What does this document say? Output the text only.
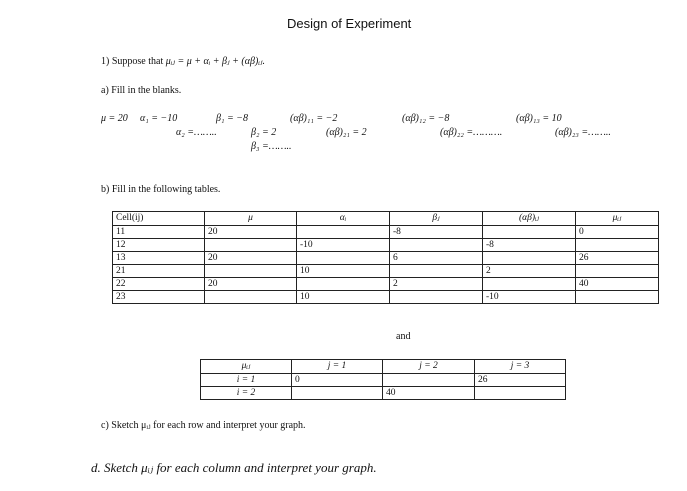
Design of Experiment
1) Suppose that μᵢⱼ = μ + αᵢ + βⱼ + (αβ)ᵢⱼ.
a) Fill in the blanks.
μ = 20 α₁ = −10
α₂ =……..
β₁ = −8
β₂ = 2
β₃ =……..
(αβ)₁₁ = −2
(αβ)₂₁ = 2
(αβ)₁₂ = −8
(αβ)₂₂ =……….
(αβ)₁₃ = 10
(αβ)₂₃ =……..
b) Fill in the following tables.
Cell(ij)	μ	αᵢ	βⱼ	(αβ)ᵢⱼ	μᵢⱼ
11	20		-8		0
12		-10		-8	
13	20		6		26
21		10		2	
22	20		2		40
23		10		-10	
and
μᵢⱼ	j = 1	j = 2	j = 3
i = 1	0		26
i = 2		40	
c) Sketch μᵢⱼ for each row and interpret your graph.
d. Sketch μᵢⱼ for each column and interpret your graph.
